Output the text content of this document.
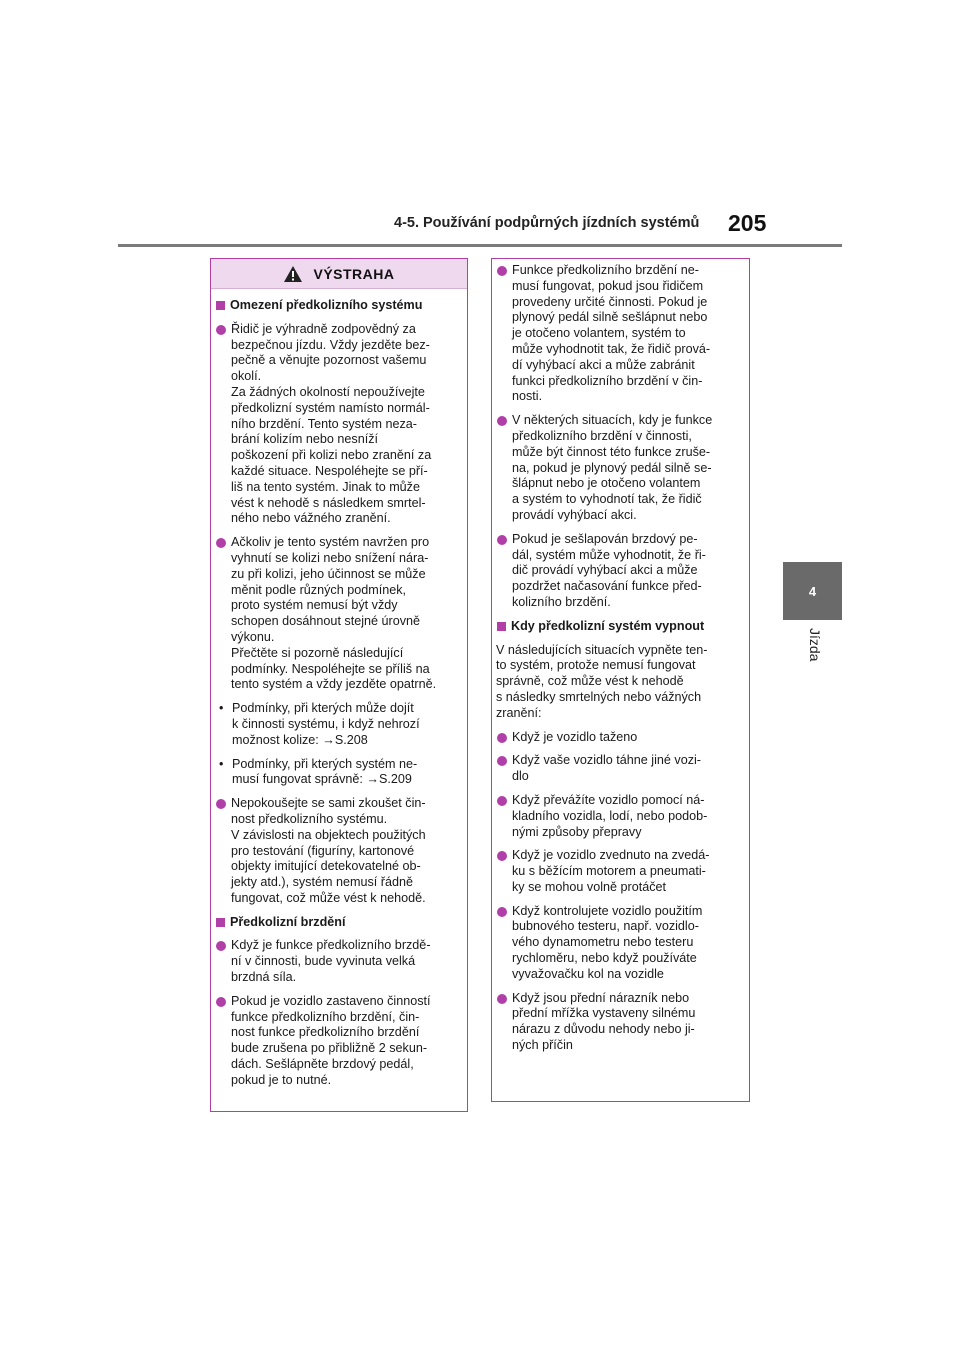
4-5. Používání podpůrných jízdních systémů	205
4
Jízda
VÝSTRAHA
Omezení předkolizního systému
Řidič je výhradně zodpovědný za
bezpečnou jízdu. Vždy jezděte bez-
pečně a věnujte pozornost vašemu
okolí.
Za žádných okolností nepoužívejte
předkolizní systém namísto normál-
ního brzdění. Tento systém neza-
brání kolizím nebo nesníží
poškození při kolizi nebo zranění za
každé situace. Nespoléhejte se pří-
liš na tento systém. Jinak to může
vést k nehodě s následkem smrtel-
ného nebo vážného zranění.
Ačkoliv je tento systém navržen pro
vyhnutí se kolizi nebo snížení nára-
zu při kolizi, jeho účinnost se může
měnit podle různých podmínek,
proto systém nemusí být vždy
schopen dosáhnout stejné úrovně
výkonu.
Přečtěte si pozorně následující
podmínky. Nespoléhejte se příliš na
tento systém a vždy jezděte opatrně.
• Podmínky, při kterých může dojít
k činnosti systému, i když nehrozí
možnost kolize: →S.208
• Podmínky, při kterých systém ne-
musí fungovat správně: →S.209
Nepokoušejte se sami zkoušet čin-
nost předkolizního systému.
V závislosti na objektech použitých
pro testování (figuríny, kartonové
objekty imitující detekovatelné ob-
jekty atd.), systém nemusí řádně
fungovat, což může vést k nehodě.
Předkolizní brzdění
Když je funkce předkolizního brzdě-
ní v činnosti, bude vyvinuta velká
brzdná síla.
Pokud je vozidlo zastaveno činností
funkce předkolizního brzdění, čin-
nost funkce předkolizního brzdění
bude zrušena po přibližně 2 sekun-
dách. Sešlápněte brzdový pedál,
pokud je to nutné.
Funkce předkolizního brzdění ne-
musí fungovat, pokud jsou řidičem
provedeny určité činnosti. Pokud je
plynový pedál silně sešlápnut nebo
je otočeno volantem, systém to
může vyhodnotit tak, že řidič prová-
dí vyhýbací akci a může zabránit
funkci předkolizního brzdění v čin-
nosti.
V některých situacích, kdy je funkce
předkolizního brzdění v činnosti,
může být činnost této funkce zruše-
na, pokud je plynový pedál silně se-
šlápnut nebo je otočeno volantem
a systém to vyhodnotí tak, že řidič
provádí vyhýbací akci.
Pokud je sešlapován brzdový pe-
dál, systém může vyhodnotit, že ři-
dič provádí vyhýbací akci a může
pozdržet načasování funkce před-
kolizního brzdění.
Kdy předkolizní systém vypnout
V následujících situacích vypněte ten-
to systém, protože nemusí fungovat
správně, což může vést k nehodě
s následky smrtelných nebo vážných
zranění:
Když je vozidlo taženo
Když vaše vozidlo táhne jiné vozi-
dlo
Když převážíte vozidlo pomocí ná-
kladního vozidla, lodí, nebo podob-
nými způsoby přepravy
Když je vozidlo zvednuto na zvedá-
ku s běžícím motorem a pneumati-
ky se mohou volně protáčet
Když kontrolujete vozidlo použitím
bubnového testeru, např. vozidlo-
vého dynamometru nebo testeru
rychloměru, nebo když používáte
vyvažovačku kol na vozidle
Když jsou přední nárazník nebo
přední mřížka vystaveny silnému
nárazu z důvodu nehody nebo ji-
ných příčin
